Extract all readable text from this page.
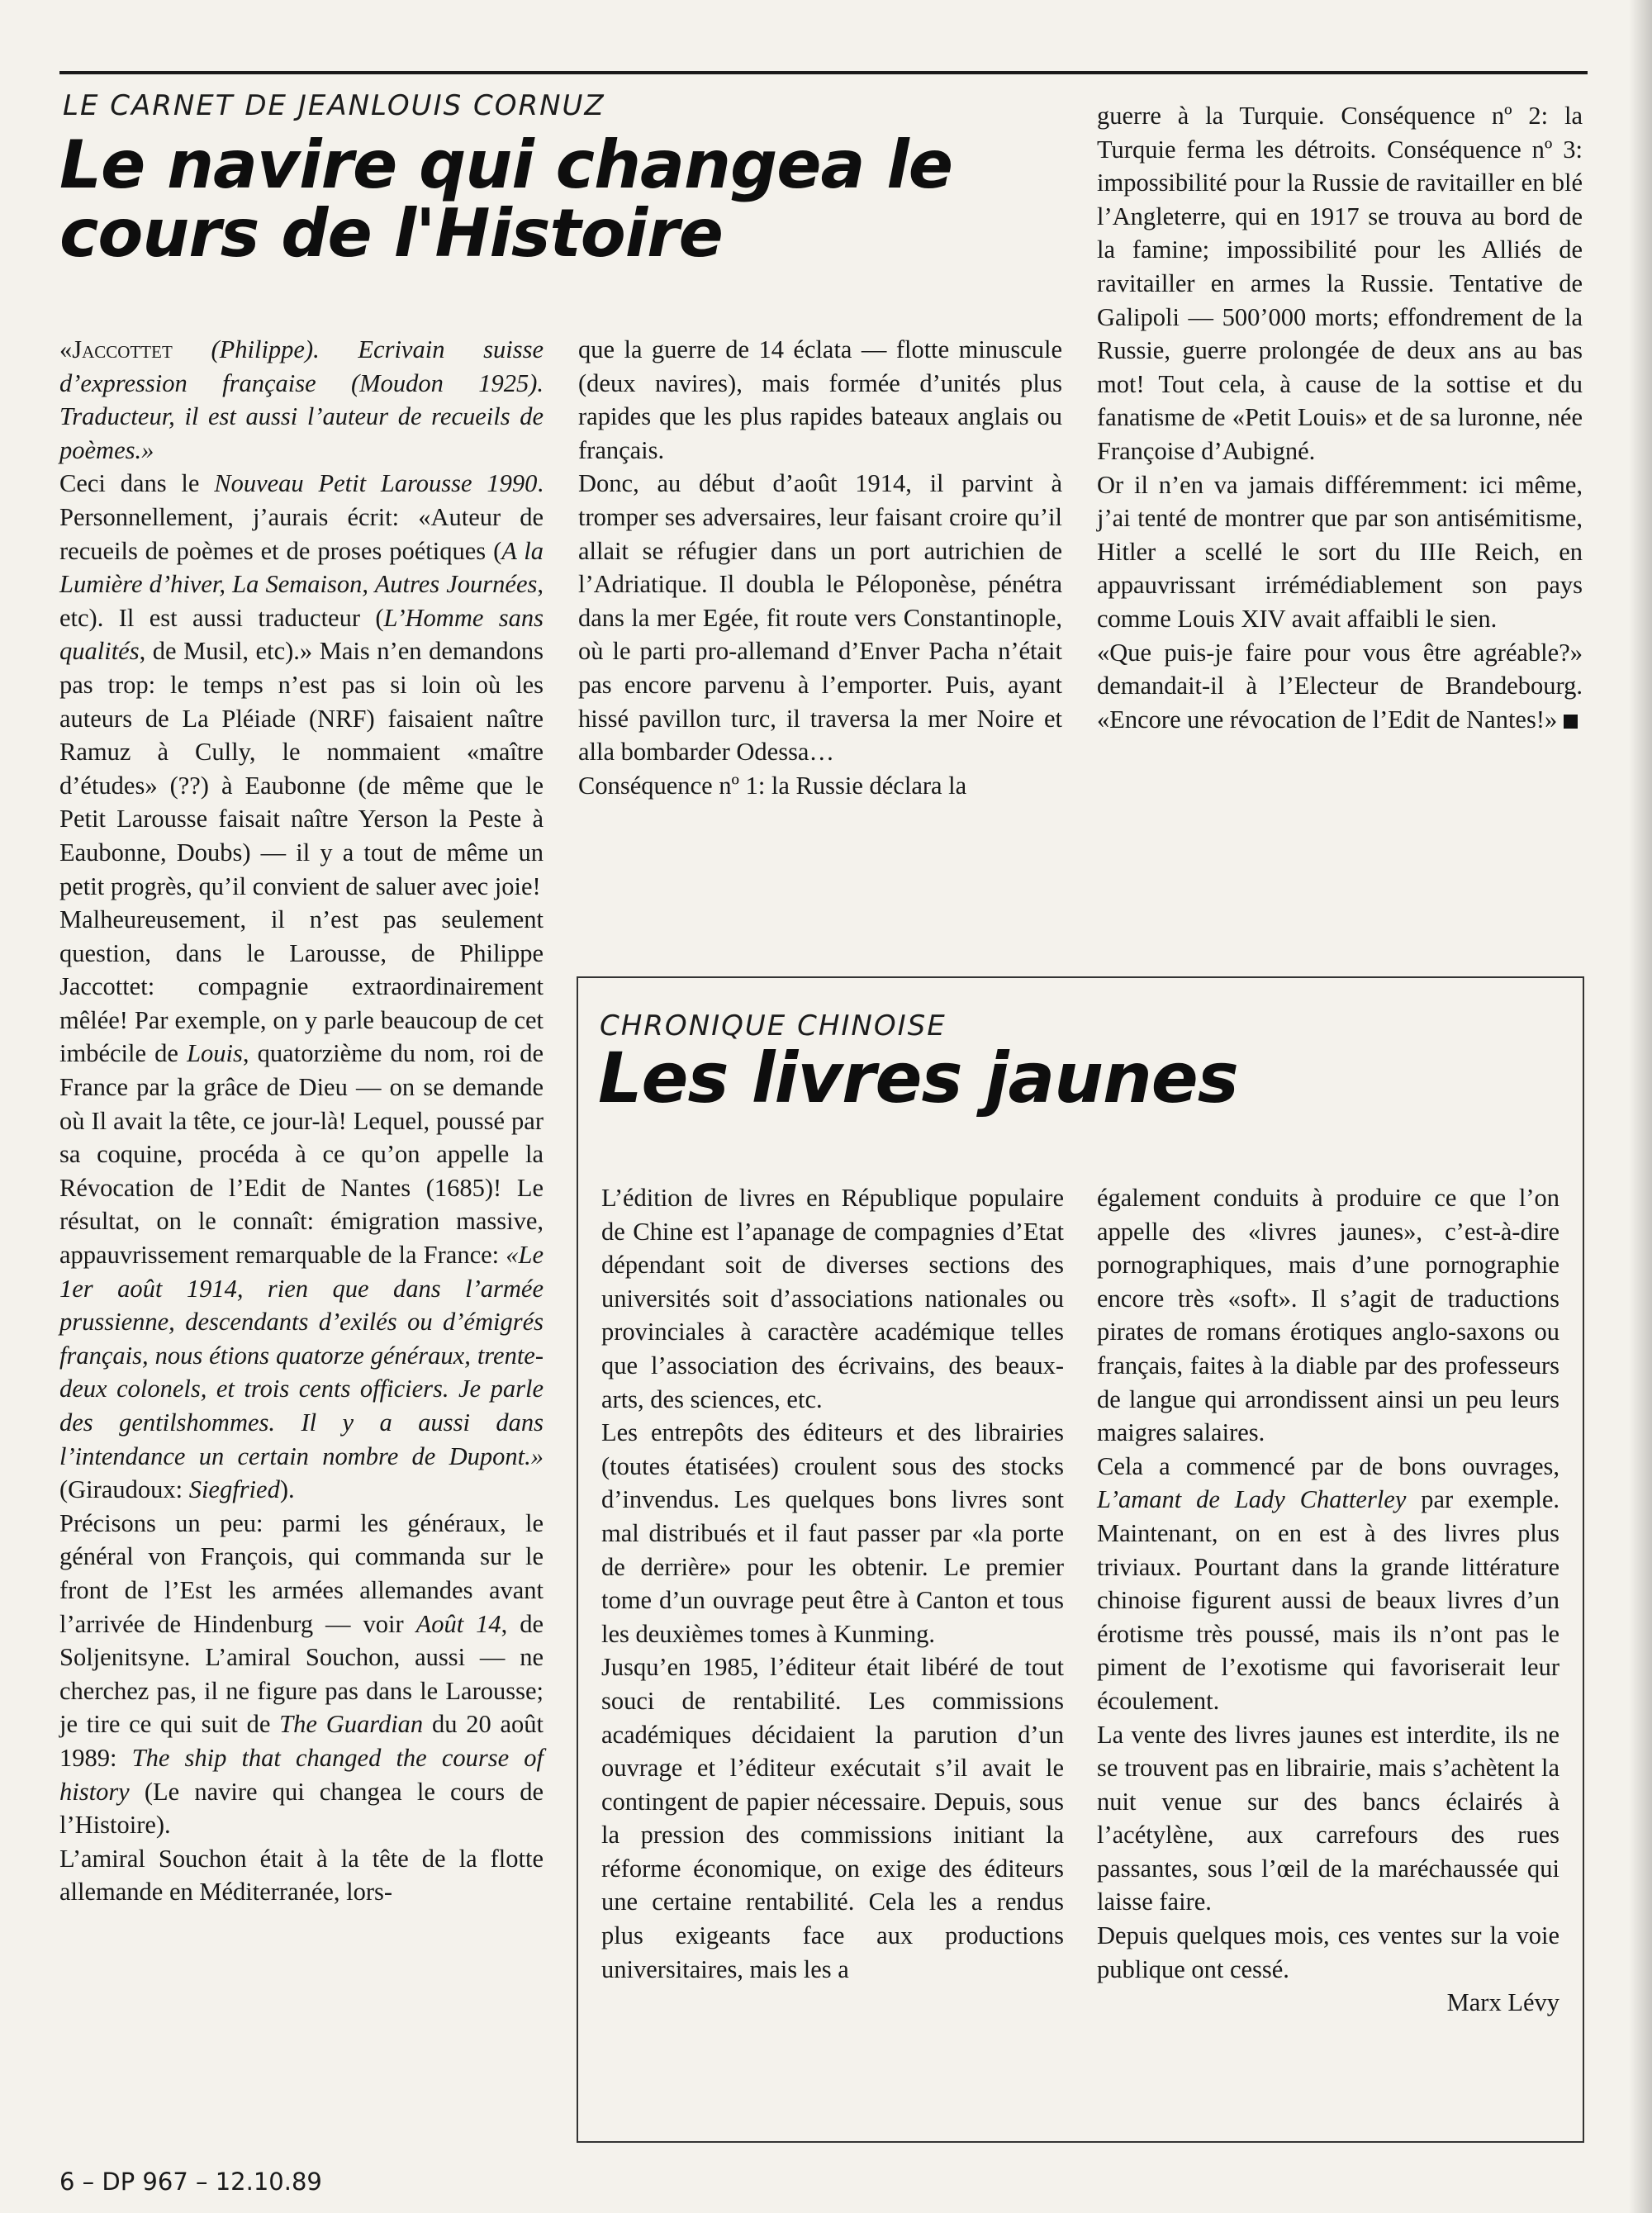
LE CARNET DE JEANLOUIS CORNUZ
Le navire qui changea le
cours de l'Histoire

«Jaccottet (Philippe). Ecrivain suisse d’expression française (Moudon 1925). Traducteur, il est aussi l’auteur de recueils de poèmes.»

Ceci dans le Nouveau Petit Larousse 1990. Personnellement, j’aurais écrit: «Auteur de recueils de poèmes et de proses poétiques (A la Lumière d’hiver, La Semaison, Autres Journées, etc). Il est aussi traducteur (L’Homme sans qualités, de Musil, etc).» Mais n’en demandons pas trop: le temps n’est pas si loin où les auteurs de La Pléiade (NRF) faisaient naître Ramuz à Cully, le nommaient «maître d’études» (??) à Eaubonne (de même que le Petit Larousse faisait naître Yerson la Peste à Eaubonne, Doubs) — il y a tout de même un petit progrès, qu’il convient de saluer avec joie!

Malheureusement, il n’est pas seulement question, dans le Larousse, de Philippe Jaccottet: compagnie extraordinairement mêlée! Par exemple, on y parle beaucoup de cet imbécile de Louis, quatorzième du nom, roi de France par la grâce de Dieu — on se demande où Il avait la tête, ce jour-là! Lequel, poussé par sa coquine, procéda à ce qu’on appelle la Révocation de l’Edit de Nantes (1685)! Le résultat, on le connaît: émigration massive, appauvrissement remarquable de la France: «Le 1er août 1914, rien que dans l’armée prussienne, descendants d’exilés ou d’émigrés français, nous étions quatorze généraux, trente-deux colonels, et trois cents officiers. Je parle des gentilshommes. Il y a aussi dans l’intendance un certain nombre de Dupont.» (Giraudoux: Siegfried).

Précisons un peu: parmi les généraux, le général von François, qui commanda sur le front de l’Est les armées allemandes avant l’arrivée de Hindenburg — voir Août 14, de Soljenitsyne. L’amiral Souchon, aussi — ne cherchez pas, il ne figure pas dans le Larousse; je tire ce qui suit de The Guardian du 20 août 1989: The ship that changed the course of history (Le navire qui changea le cours de l’Histoire).

L’amiral Souchon était à la tête de la flotte allemande en Méditerranée, lors-

que la guerre de 14 éclata — flotte minuscule (deux navires), mais formée d’unités plus rapides que les plus rapides bateaux anglais ou français.

Donc, au début d’août 1914, il parvint à tromper ses adversaires, leur faisant croire qu’il allait se réfugier dans un port autrichien de l’Adriatique. Il doubla le Péloponèse, pénétra dans la mer Egée, fit route vers Constantinople, où le parti pro-allemand d’Enver Pacha n’était pas encore parvenu à l’emporter. Puis, ayant hissé pavillon turc, il traversa la mer Noire et alla bombarder Odessa…

Conséquence nº 1: la Russie déclara la

guerre à la Turquie. Conséquence nº 2: la Turquie ferma les détroits. Conséquence nº 3: impossibilité pour la Russie de ravitailler en blé l’Angleterre, qui en 1917 se trouva au bord de la famine; impossibilité pour les Alliés de ravitailler en armes la Russie. Tentative de Galipoli — 500’000 morts; effondrement de la Russie, guerre prolongée de deux ans au bas mot! Tout cela, à cause de la sottise et du fanatisme de «Petit Louis» et de sa luronne, née Françoise d’Aubigné.

Or il n’en va jamais différemment: ici même, j’ai tenté de montrer que par son antisémitisme, Hitler a scellé le sort du IIIe Reich, en appauvrissant irrémédiablement son pays comme Louis XIV avait affaibli le sien.

«Que puis-je faire pour vous être agréable?» demandait-il à l’Electeur de Brandebourg. «Encore une révocation de l’Edit de Nantes!»

CHRONIQUE CHINOISE
Les livres jaunes

L’édition de livres en République populaire de Chine est l’apanage de compagnies d’Etat dépendant soit de diverses sections des universités soit d’associations nationales ou provinciales à caractère académique telles que l’association des écrivains, des beaux-arts, des sciences, etc.

Les entrepôts des éditeurs et des librairies (toutes étatisées) croulent sous des stocks d’invendus. Les quelques bons livres sont mal distribués et il faut passer par «la porte de derrière» pour les obtenir. Le premier tome d’un ouvrage peut être à Canton et tous les deuxièmes tomes à Kunming.

Jusqu’en 1985, l’éditeur était libéré de tout souci de rentabilité. Les commissions académiques décidaient la parution d’un ouvrage et l’éditeur exécutait s’il avait le contingent de papier nécessaire. Depuis, sous la pression des commissions initiant la réforme économique, on exige des éditeurs une certaine rentabilité. Cela les a rendus plus exigeants face aux productions universitaires, mais les a

également conduits à produire ce que l’on appelle des «livres jaunes», c’est-à-dire pornographiques, mais d’une pornographie encore très «soft». Il s’agit de traductions pirates de romans érotiques anglo-saxons ou français, faites à la diable par des professeurs de langue qui arrondissent ainsi un peu leurs maigres salaires.

Cela a commencé par de bons ouvrages, L’amant de Lady Chatterley par exemple. Maintenant, on en est à des livres plus triviaux. Pourtant dans la grande littérature chinoise figurent aussi de beaux livres d’un érotisme très poussé, mais ils n’ont pas le piment de l’exotisme qui favoriserait leur écoulement.

La vente des livres jaunes est interdite, ils ne se trouvent pas en librairie, mais s’achètent la nuit venue sur des bancs éclairés à l’acétylène, aux carrefours des rues passantes, sous l’œil de la maréchaussée qui laisse faire.

Depuis quelques mois, ces ventes sur la voie publique ont cessé.

Marx Lévy

6 – DP 967 – 12.10.89
